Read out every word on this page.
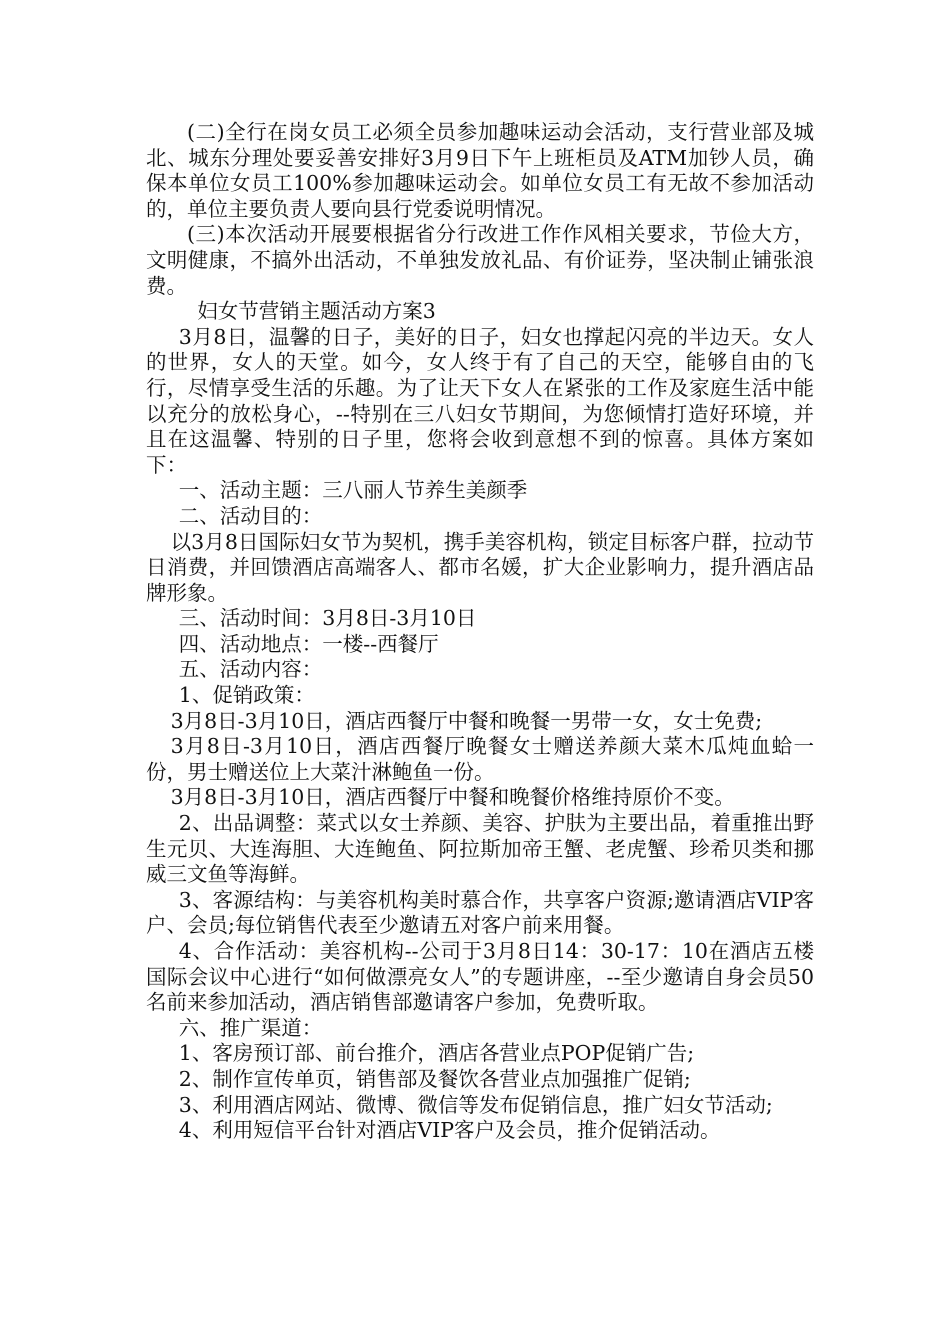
(二)全行在岗女员工必须全员参加趣味运动会活动，支行营业部及城北、城东分理处要妥善安排好3月9日下午上班柜员及ATM加钞人员，确保本单位女员工100%参加趣味运动会。如单位女员工有无故不参加活动的，单位主要负责人要向县行党委说明情况。

(三)本次活动开展要根据省分行改进工作作风相关要求，节俭大方，文明健康，不搞外出活动，不单独发放礼品、有价证券，坚决制止铺张浪费。

妇女节营销主题活动方案3

3月8日，温馨的日子，美好的日子，妇女也撑起闪亮的半边天。女人的世界，女人的天堂。如今，女人终于有了自己的天空，能够自由的飞行，尽情享受生活的乐趣。为了让天下女人在紧张的工作及家庭生活中能以充分的放松身心，--特别在三八妇女节期间，为您倾情打造好环境，并且在这温馨、特别的日子里，您将会收到意想不到的惊喜。具体方案如下：

一、活动主题：三八丽人节养生美颜季

二、活动目的：

以3月8日国际妇女节为契机，携手美容机构，锁定目标客户群，拉动节日消费，并回馈酒店高端客人、都市名媛，扩大企业影响力，提升酒店品牌形象。

三、活动时间：3月8日-3月10日

四、活动地点：一楼--西餐厅

五、活动内容：

1、促销政策：

3月8日-3月10日，酒店西餐厅中餐和晚餐一男带一女，女士免费;

3月8日-3月10日，酒店西餐厅晚餐女士赠送养颜大菜木瓜炖血蛤一份，男士赠送位上大菜汁淋鲍鱼一份。

3月8日-3月10日，酒店西餐厅中餐和晚餐价格维持原价不变。

2、出品调整：菜式以女士养颜、美容、护肤为主要出品，着重推出野生元贝、大连海胆、大连鲍鱼、阿拉斯加帝王蟹、老虎蟹、珍希贝类和挪威三文鱼等海鲜。

3、客源结构：与美容机构美时慕合作，共享客户资源;邀请酒店VIP客户、会员;每位销售代表至少邀请五对客户前来用餐。

4、合作活动：美容机构--公司于3月8日14：30-17：10在酒店五楼国际会议中心进行“如何做漂亮女人”的专题讲座，--至少邀请自身会员50名前来参加活动，酒店销售部邀请客户参加，免费听取。

六、推广渠道：

1、客房预订部、前台推介，酒店各营业点POP促销广告;

2、制作宣传单页，销售部及餐饮各营业点加强推广促销;

3、利用酒店网站、微博、微信等发布促销信息，推广妇女节活动;

4、利用短信平台针对酒店VIP客户及会员，推介促销活动。
